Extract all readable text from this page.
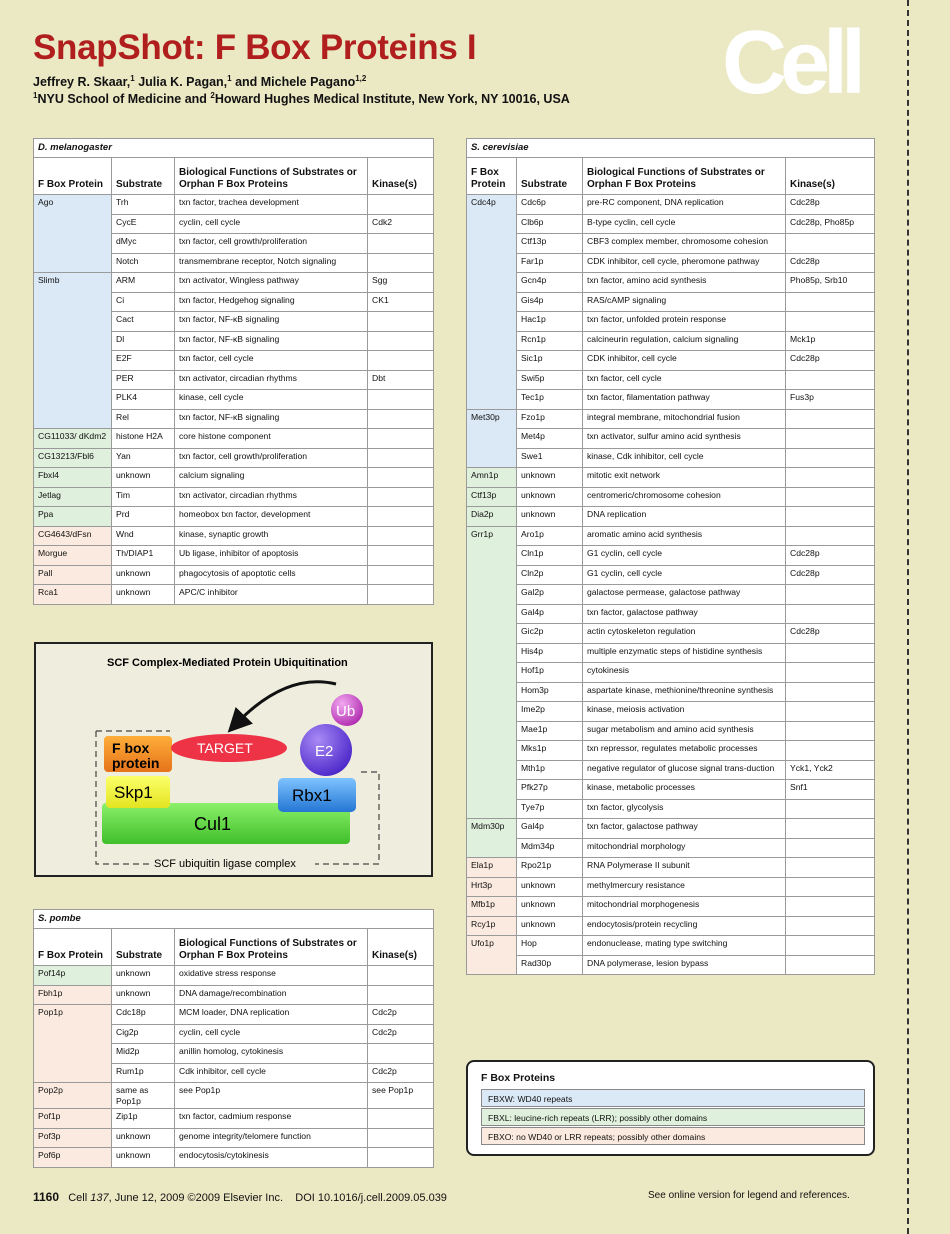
SnapShot: F Box Proteins I
Jeffrey R. Skaar,$^1$ Julia K. Pagan,$^1$ and Michele Pagano$^{1,2}$
$^1$NYU School of Medicine and $^2$Howard Hughes Medical Institute, New York, NY 10016, USA Cell
D. melanogaster			
F Box Protein	Substrate	Biological Functions of Substrates or Orphan F Box Proteins	Kinase(s)
Ago	Trh	txn factor, trachea development	
	CycE	cyclin, cell cycle	Cdk2
	dMyc	txn factor, cell growth/proliferation	
	Notch	transmembrane receptor, Notch signaling	
Slimb	ARM	txn activator, Wingless pathway	Sgg
	Ci	txn factor, Hedgehog signaling	CK1
	Cact	txn factor, NF-κB signaling	
	Dl	txn factor, NF-κB signaling	
	E2F	txn factor, cell cycle	
	PER	txn activator, circadian rhythms	Dbt
	PLK4	kinase, cell cycle	
	Rel	txn factor, NF-κB signaling	
CG11033/ dKdm2	histone H2A	core histone component	
CG13213/Fbl6	Yan	txn factor, cell growth/proliferation	
Fbxl4	unknown	calcium signaling	
Jetlag	Tim	txn activator, circadian rhythms	
Ppa	Prd	homeobox txn factor, development	
CG4643/dFsn	Wnd	kinase, synaptic growth	
Morgue	Th/DIAP1	Ub ligase, inhibitor of apoptosis	
Pall	unknown	phagocytosis of apoptotic cells	
Rca1	unknown	APC/C inhibitor	
S. pombe			
F Box Protein	Substrate	Biological Functions of Substrates or Orphan F Box Proteins	Kinase(s)
Pof14p	unknown	oxidative stress response	
Fbh1p	unknown	DNA damage/recombination	
Pop1p	Cdc18p	MCM loader, DNA replication	Cdc2p
	Cig2p	cyclin, cell cycle	Cdc2p
	Mid2p	anillin homolog, cytokinesis	
	Rum1p	Cdk inhibitor, cell cycle	Cdc2p
Pop2p	same as Pop1p	see Pop1p	see Pop1p
Pof1p	Zip1p	txn factor, cadmium response	
Pof3p	unknown	genome integrity/telomere function	
Pof6p	unknown	endocytosis/cytokinesis	
S. cerevisiae			
F Box Protein	Substrate	Biological Functions of Substrates or Orphan F Box Proteins	Kinase(s)
Cdc4p	Cdc6p	pre-RC component, DNA replication	Cdc28p
	Clb6p	B-type cyclin, cell cycle	Cdc28p, Pho85p
	Ctf13p	CBF3 complex member, chromosome cohesion	
	Far1p	CDK inhibitor, cell cycle, pheromone pathway	Cdc28p
	Gcn4p	txn factor, amino acid synthesis	Pho85p, Srb10
	Gis4p	RAS/cAMP signaling	
	Hac1p	txn factor, unfolded protein response	
	Rcn1p	calcineurin regulation, calcium signaling	Mck1p
	Sic1p	CDK inhibitor, cell cycle	Cdc28p
	Swi5p	txn factor, cell cycle	
	Tec1p	txn factor, filamentation pathway	Fus3p
Met30p	Fzo1p	integral membrane, mitochondrial fusion	
	Met4p	txn activator, sulfur amino acid synthesis	
	Swe1	kinase, Cdk inhibitor, cell cycle	
Amn1p	unknown	mitotic exit network	
Ctf13p	unknown	centromeric/chromosome cohesion	
Dia2p	unknown	DNA replication	
Grr1p	Aro1p	aromatic amino acid synthesis	
	Cln1p	G1 cyclin, cell cycle	Cdc28p
	Cln2p	G1 cyclin, cell cycle	Cdc28p
	Gal2p	galactose permease, galactose pathway	
	Gal4p	txn factor, galactose pathway	
	Gic2p	actin cytoskeleton regulation	Cdc28p
	His4p	multiple enzymatic steps of histidine synthesis	
	Hof1p	cytokinesis	
	Hom3p	aspartate kinase, methionine/threonine synthesis	
	Ime2p	kinase, meiosis activation	
	Mae1p	sugar metabolism and amino acid synthesis	
	Mks1p	txn repressor, regulates metabolic processes	
	Mth1p	negative regulator of glucose signal trans-duction	Yck1, Yck2
	Pfk27p	kinase, metabolic processes	Snf1
	Tye7p	txn factor, glycolysis	
Mdm30p	Gal4p	txn factor, galactose pathway	
	Mdm34p	mitochondrial morphology	
Ela1p	Rpo21p	RNA Polymerase II subunit	
Hrt3p	unknown	methylmercury resistance	
Mfb1p	unknown	mitochondrial morphogenesis	
Rcy1p	unknown	endocytosis/protein recycling	
Ufo1p	Hop	endonuclease, mating type switching	
	Rad30p	DNA polymerase, lesion bypass	
SCF Complex-Mediated Protein Ubiquitination
Cul1
F box
protein
Skp1
TARGET
Rbx1
E2
Ub
SCF ubiquitin ligase complex
F Box Proteins
FBXW: WD40 repeats
FBXL: leucine-rich repeats (LRR); possibly other domains
FBXO: no WD40 or LRR repeats; possibly other domains
1160 Cell 137, June 12, 2009 ©2009 Elsevier Inc. DOI 10.1016/j.cell.2009.05.039	See online version for legend and references.
